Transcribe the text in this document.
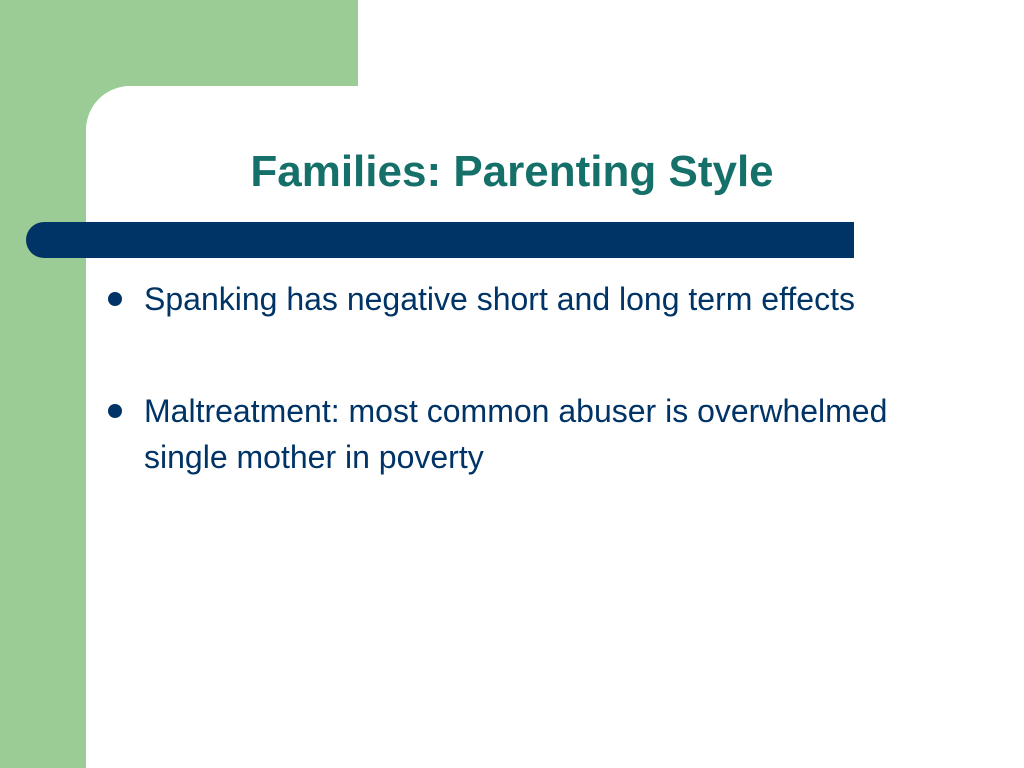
Families: Parenting Style
Spanking has negative short and long term effects
Maltreatment: most common abuser is overwhelmed single mother in poverty
